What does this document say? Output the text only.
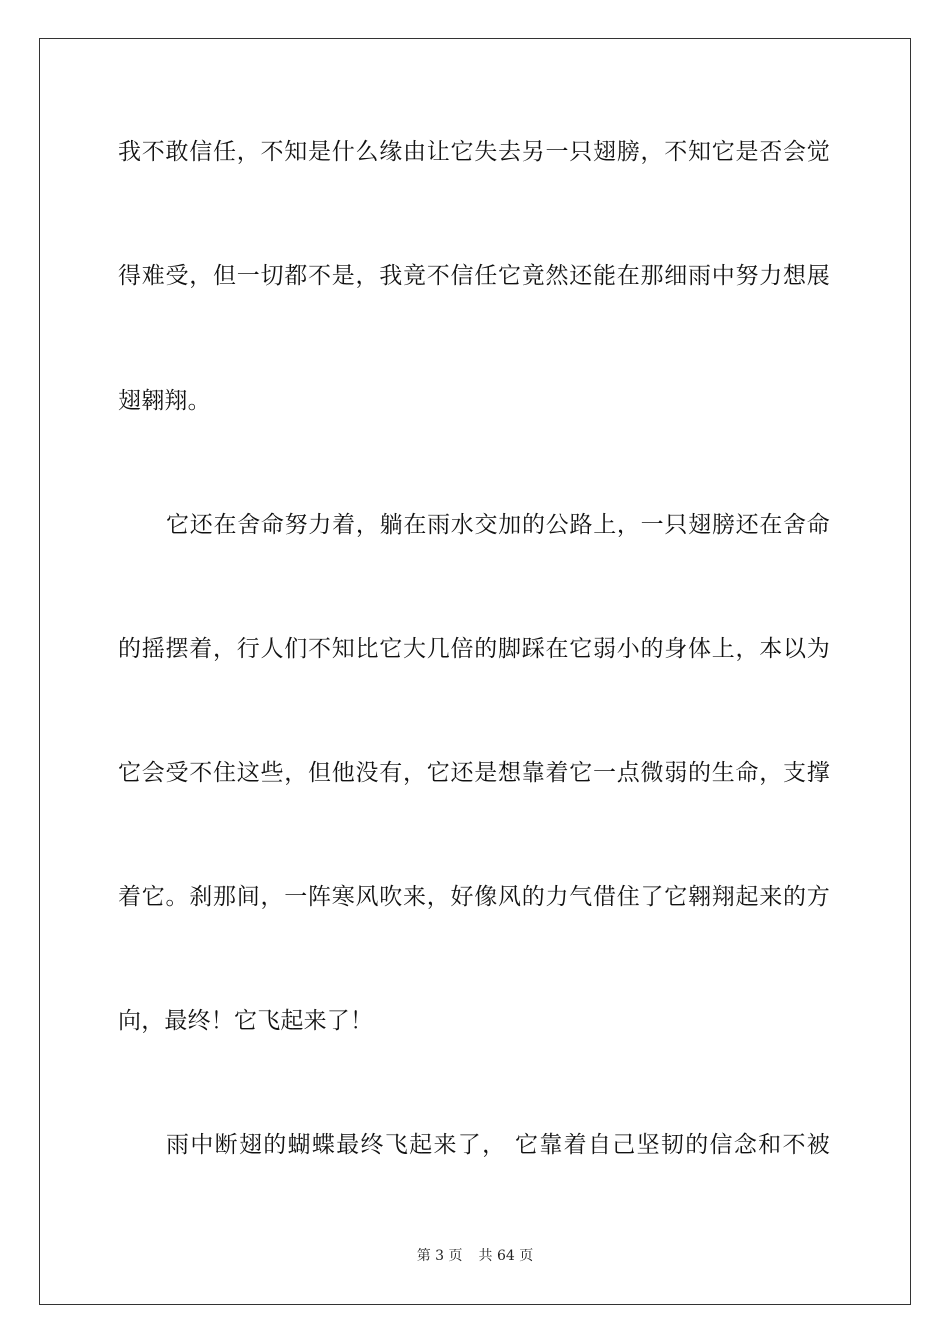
我不敢信任，不知是什么缘由让它失去另一只翅膀，不知它是否会觉
得难受，但一切都不是，我竟不信任它竟然还能在那细雨中努力想展
翅翱翔。
它还在舍命努力着，躺在雨水交加的公路上，一只翅膀还在舍命
的摇摆着，行人们不知比它大几倍的脚踩在它弱小的身体上，本以为
它会受不住这些，但他没有，它还是想靠着它一点微弱的生命，支撑
着它。刹那间，一阵寒风吹来，好像风的力气借住了它翱翔起来的方
向，最终！它飞起来了！
雨中断翅的蝴蝶最终飞起来了， 它靠着自己坚韧的信念和不被
第 3 页 共 64 页
